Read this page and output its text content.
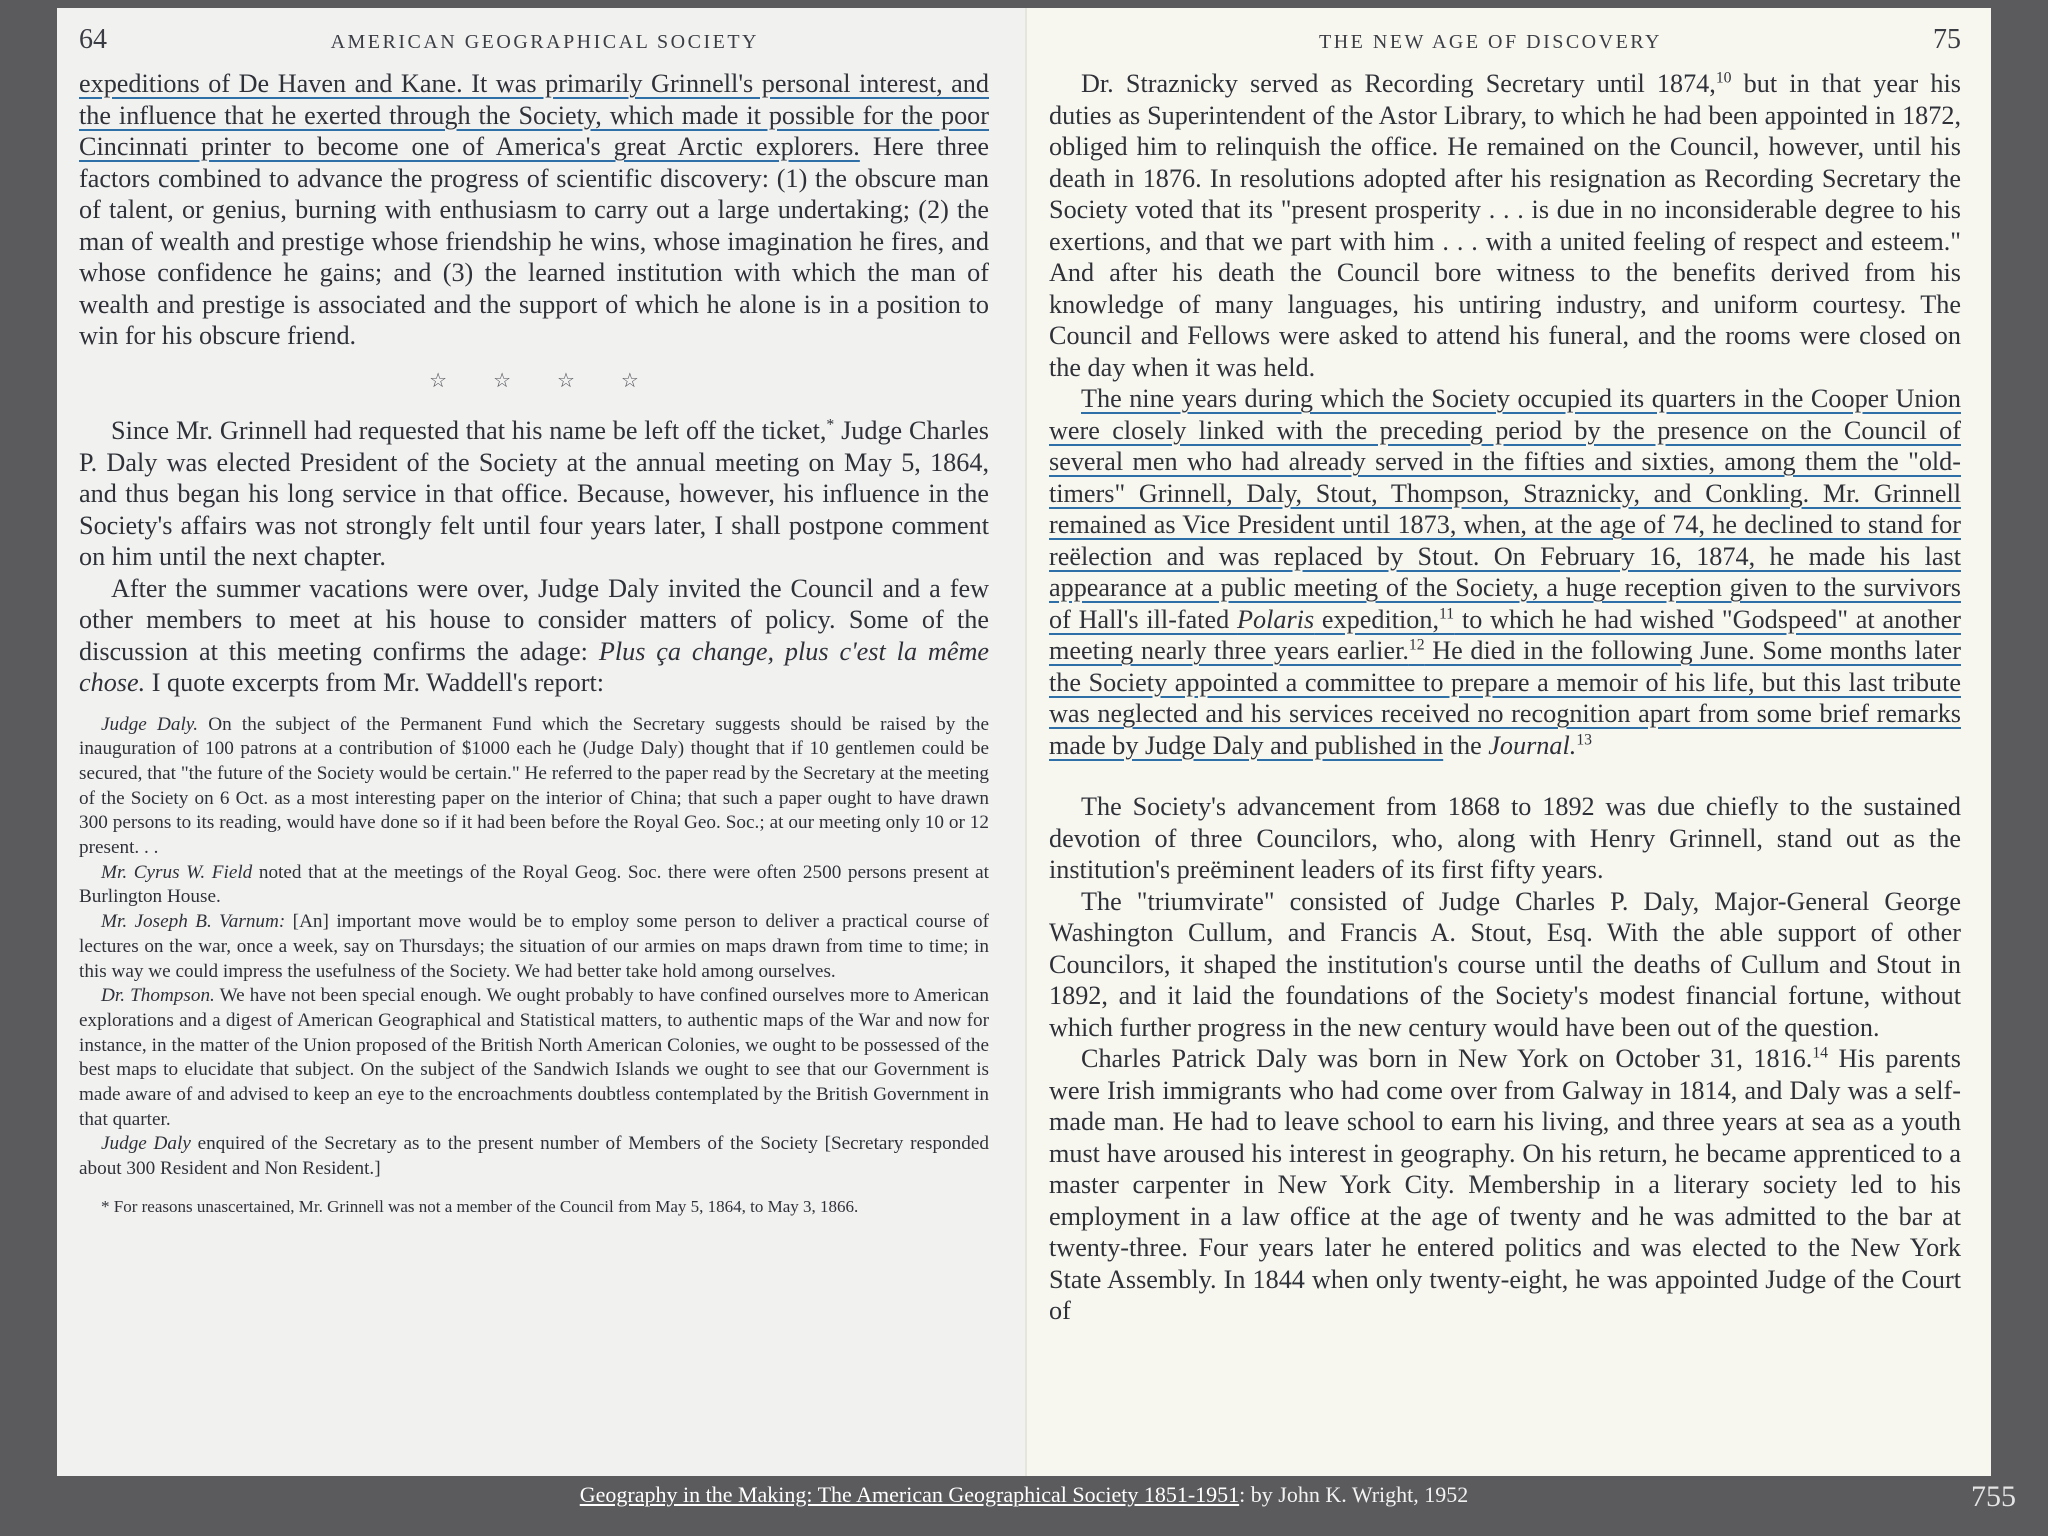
64	AMERICAN GEOGRAPHICAL SOCIETY

expeditions of De Haven and Kane. It was primarily Grinnell's personal interest, and the influence that he exerted through the Society, which made it possible for the poor Cincinnati printer to become one of America's great Arctic explorers. Here three factors combined to advance the progress of scientific discovery: (1) the obscure man of talent, or genius, burning with enthusiasm to carry out a large undertaking; (2) the man of wealth and prestige whose friendship he wins, whose imagination he fires, and whose confidence he gains; and (3) the learned institution with which the man of wealth and prestige is associated and the support of which he alone is in a position to win for his obscure friend.

☆☆☆☆

Since Mr. Grinnell had requested that his name be left off the ticket,* Judge Charles P. Daly was elected President of the Society at the annual meeting on May 5, 1864, and thus began his long service in that office. Because, however, his influence in the Society's affairs was not strongly felt until four years later, I shall postpone comment on him until the next chapter.

After the summer vacations were over, Judge Daly invited the Council and a few other members to meet at his house to consider matters of policy. Some of the discussion at this meeting confirms the adage: Plus ça change, plus c'est la même chose. I quote excerpts from Mr. Waddell's report:

Judge Daly. On the subject of the Permanent Fund which the Secretary suggests should be raised by the inauguration of 100 patrons at a contribution of $1000 each he (Judge Daly) thought that if 10 gentlemen could be secured, that "the future of the Society would be certain." He referred to the paper read by the Secretary at the meeting of the Society on 6 Oct. as a most interesting paper on the interior of China; that such a paper ought to have drawn 300 persons to its reading, would have done so if it had been before the Royal Geo. Soc.; at our meeting only 10 or 12 present. . .

Mr. Cyrus W. Field noted that at the meetings of the Royal Geog. Soc. there were often 2500 persons present at Burlington House.

Mr. Joseph B. Varnum: [An] important move would be to employ some person to deliver a practical course of lectures on the war, once a week, say on Thursdays; the situation of our armies on maps drawn from time to time; in this way we could impress the usefulness of the Society. We had better take hold among ourselves.

Dr. Thompson. We have not been special enough. We ought probably to have confined ourselves more to American explorations and a digest of American Geographical and Statistical matters, to authentic maps of the War and now for instance, in the matter of the Union proposed of the British North American Colonies, we ought to be possessed of the best maps to elucidate that subject. On the subject of the Sandwich Islands we ought to see that our Government is made aware of and advised to keep an eye to the encroachments doubtless contemplated by the British Government in that quarter.

Judge Daly enquired of the Secretary as to the present number of Members of the Society [Secretary responded about 300 Resident and Non Resident.]

* For reasons unascertained, Mr. Grinnell was not a member of the Council from May 5, 1864, to May 3, 1866.
THE NEW AGE OF DISCOVERY	75

Dr. Straznicky served as Recording Secretary until 1874,10 but in that year his duties as Superintendent of the Astor Library, to which he had been appointed in 1872, obliged him to relinquish the office. He remained on the Council, however, until his death in 1876. In resolutions adopted after his resignation as Recording Secretary the Society voted that its "present prosperity . . . is due in no inconsiderable degree to his exertions, and that we part with him . . . with a united feeling of respect and esteem." And after his death the Council bore witness to the benefits derived from his knowledge of many languages, his untiring industry, and uniform courtesy. The Council and Fellows were asked to attend his funeral, and the rooms were closed on the day when it was held.

The nine years during which the Society occupied its quarters in the Cooper Union were closely linked with the preceding period by the presence on the Council of several men who had already served in the fifties and sixties, among them the "old-timers" Grinnell, Daly, Stout, Thompson, Straznicky, and Conkling. Mr. Grinnell remained as Vice President until 1873, when, at the age of 74, he declined to stand for reëlection and was replaced by Stout. On February 16, 1874, he made his last appearance at a public meeting of the Society, a huge reception given to the survivors of Hall's ill-fated Polaris expedition,$^{11}$ to which he had wished "Godspeed" at another meeting nearly three years earlier.$^{12}$ He died in the following June. Some months later the Society appointed a committee to prepare a memoir of his life, but this last tribute was neglected and his services received no recognition apart from some brief remarks made by Judge Daly and published in the Journal.$^{13}$

The Society's advancement from 1868 to 1892 was due chiefly to the sustained devotion of three Councilors, who, along with Henry Grinnell, stand out as the institution's preëminent leaders of its first fifty years.

The "triumvirate" consisted of Judge Charles P. Daly, Major-General George Washington Cullum, and Francis A. Stout, Esq. With the able support of other Councilors, it shaped the institution's course until the deaths of Cullum and Stout in 1892, and it laid the foundations of the Society's modest financial fortune, without which further progress in the new century would have been out of the question.

Charles Patrick Daly was born in New York on October 31, 1816.14 His parents were Irish immigrants who had come over from Galway in 1814, and Daly was a self-made man. He had to leave school to earn his living, and three years at sea as a youth must have aroused his interest in geography. On his return, he became apprenticed to a master carpenter in New York City. Membership in a literary society led to his employment in a law office at the age of twenty and he was admitted to the bar at twenty-three. Four years later he entered politics and was elected to the New York State Assembly. In 1844 when only twenty-eight, he was appointed Judge of the Court of

Geography in the Making: The American Geographical Society 1851-1951: by John K. Wright, 1952	755
